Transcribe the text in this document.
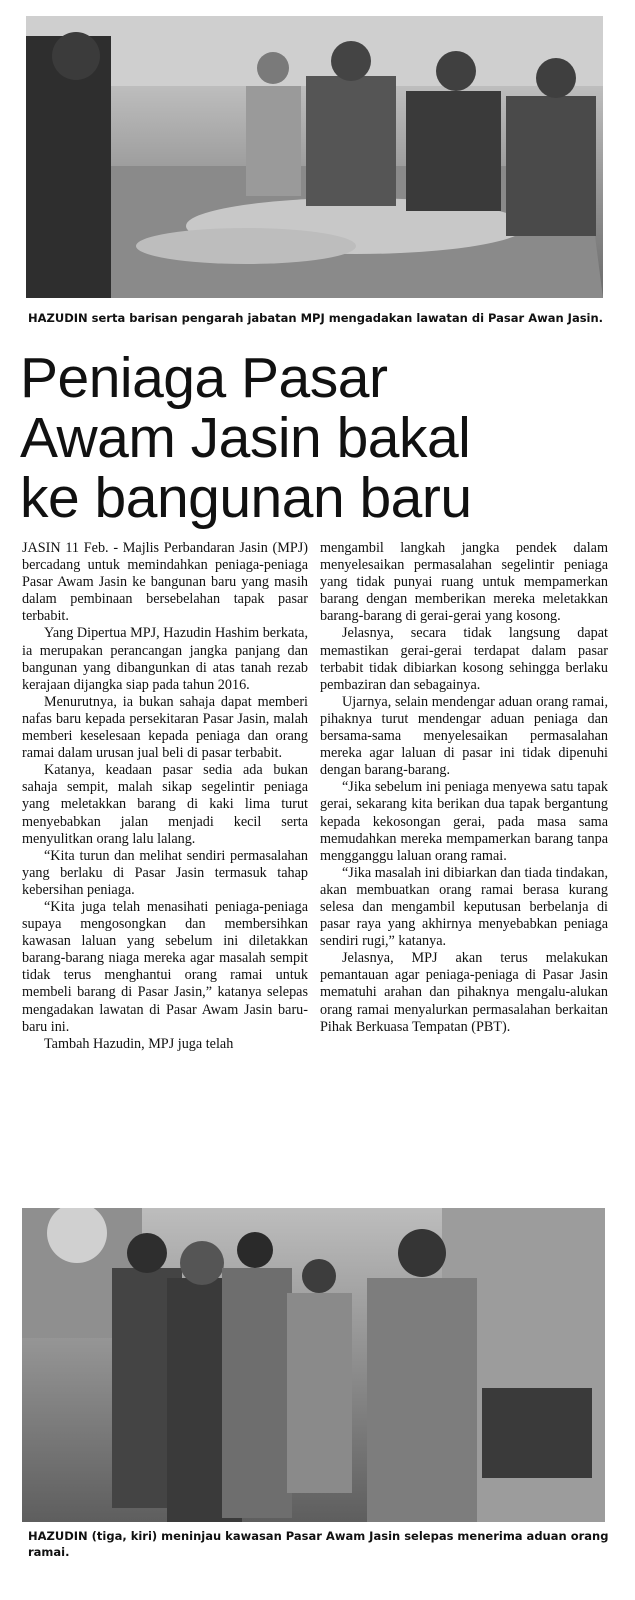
HAZUDIN serta barisan pengarah jabatan MPJ mengadakan lawatan di Pasar Awan Jasin.
Peniaga Pasar
Awam Jasin bakal
ke bangunan baru

JASIN 11 Feb. - Majlis Perbandaran Jasin (MPJ) bercadang untuk memindahkan peniaga-peniaga Pasar Awam Jasin ke bangunan baru yang masih dalam pembinaan bersebelahan tapak pasar terbabit.

Yang Dipertua MPJ, Hazudin Hashim berkata, ia merupakan perancangan jangka panjang dan bangunan yang dibangunkan di atas tanah rezab kerajaan dijangka siap pada tahun 2016.

Menurutnya, ia bukan sahaja dapat memberi nafas baru kepada persekitaran Pasar Jasin, malah memberi keselesaan kepada peniaga dan orang ramai dalam urusan jual beli di pasar terbabit.

Katanya, keadaan pasar sedia ada bukan sahaja sempit, malah sikap segelintir peniaga yang meletakkan barang di kaki lima turut menyebabkan jalan menjadi kecil serta menyulitkan orang lalu lalang.

“Kita turun dan melihat sendiri permasalahan yang berlaku di Pasar Jasin termasuk tahap kebersihan peniaga.

“Kita juga telah menasihati peniaga-peniaga supaya mengosongkan dan membersihkan kawasan laluan yang sebelum ini diletakkan barang-barang niaga mereka agar masalah sempit tidak terus menghantui orang ramai untuk membeli barang di Pasar Jasin,” katanya selepas mengadakan lawatan di Pasar Awam Jasin baru-baru ini.

Tambah Hazudin, MPJ juga telah

mengambil langkah jangka pendek dalam menyelesaikan permasalahan segelintir peniaga yang tidak punyai ruang untuk mempamerkan barang dengan memberikan mereka meletakkan barang-barang di gerai-gerai yang kosong.

Jelasnya, secara tidak langsung dapat memastikan gerai-gerai terdapat dalam pasar terbabit tidak dibiarkan kosong sehingga berlaku pembaziran dan sebagainya.

Ujarnya, selain mendengar aduan orang ramai, pihaknya turut mendengar aduan peniaga dan bersama-sama menyelesaikan permasalahan mereka agar laluan di pasar ini tidak dipenuhi dengan barang-barang.

“Jika sebelum ini peniaga menyewa satu tapak gerai, sekarang kita berikan dua tapak bergantung kepada kekosongan gerai, pada masa sama memudahkan mereka mempamerkan barang tanpa mengganggu laluan orang ramai.

“Jika masalah ini dibiarkan dan tiada tindakan, akan membuatkan orang ramai berasa kurang selesa dan mengambil keputusan berbelanja di pasar raya yang akhirnya menyebabkan peniaga sendiri rugi,” katanya.

Jelasnya, MPJ akan terus melakukan pemantauan agar peniaga-peniaga di Pasar Jasin mematuhi arahan dan pihaknya mengalu-alukan orang ramai menyalurkan permasalahan berkaitan Pihak Berkuasa Tempatan (PBT).

HAZUDIN (tiga, kiri) meninjau kawasan Pasar Awam Jasin selepas menerima aduan orang ramai.
